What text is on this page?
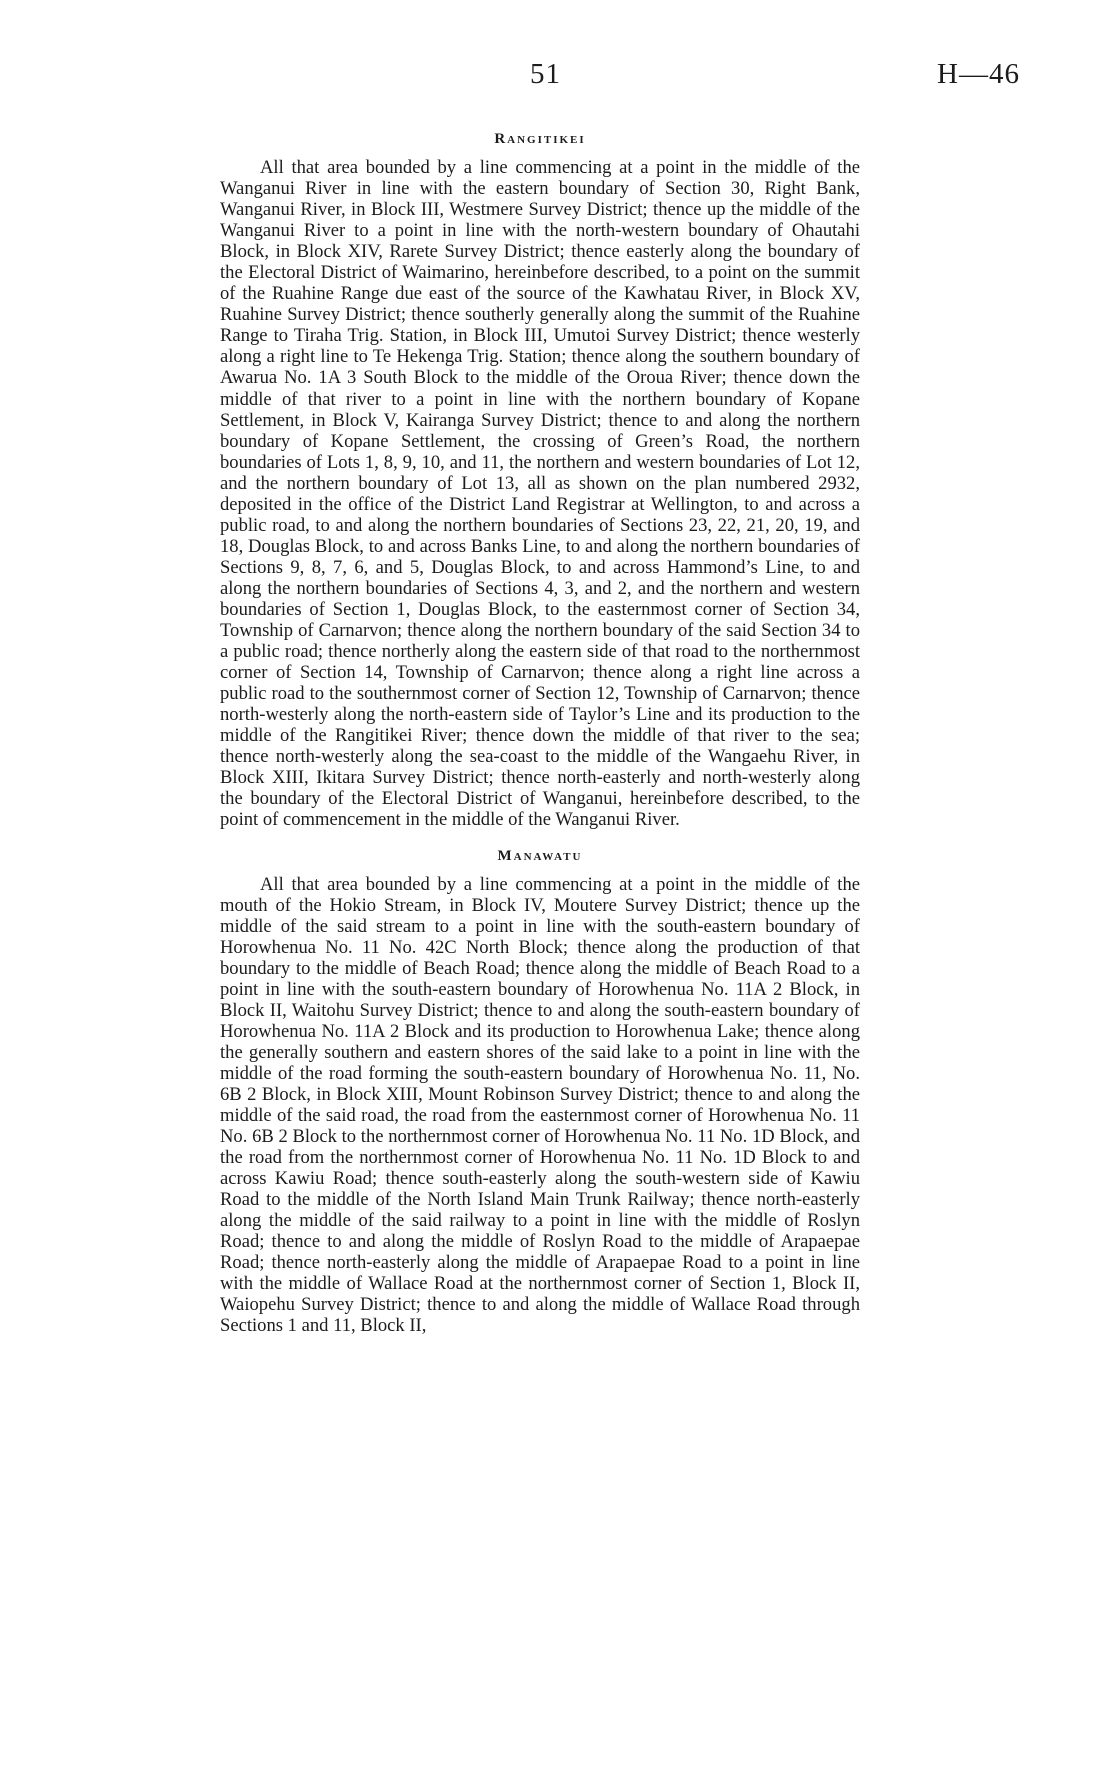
51	H—46
Rangitikei

All that area bounded by a line commencing at a point in the middle of the Wanganui River in line with the eastern boundary of Section 30, Right Bank, Wanganui River, in Block III, Westmere Survey District; thence up the middle of the Wanganui River to a point in line with the north-western boundary of Ohautahi Block, in Block XIV, Rarete Survey District; thence easterly along the boundary of the Electoral District of Waimarino, hereinbefore described, to a point on the summit of the Ruahine Range due east of the source of the Kawhatau River, in Block XV, Ruahine Survey District; thence southerly generally along the summit of the Ruahine Range to Tiraha Trig. Station, in Block III, Umutoi Survey District; thence westerly along a right line to Te Hekenga Trig. Station; thence along the southern boundary of Awarua No. 1A 3 South Block to the middle of the Oroua River; thence down the middle of that river to a point in line with the northern boundary of Kopane Settlement, in Block V, Kairanga Survey District; thence to and along the northern boundary of Kopane Settlement, the crossing of Green’s Road, the northern boundaries of Lots 1, 8, 9, 10, and 11, the northern and western boundaries of Lot 12, and the northern boundary of Lot 13, all as shown on the plan numbered 2932, deposited in the office of the District Land Registrar at Wellington, to and across a public road, to and along the northern boundaries of Sections 23, 22, 21, 20, 19, and 18, Douglas Block, to and across Banks Line, to and along the northern boundaries of Sections 9, 8, 7, 6, and 5, Douglas Block, to and across Hammond’s Line, to and along the northern boundaries of Sections 4, 3, and 2, and the northern and western boundaries of Section 1, Douglas Block, to the easternmost corner of Section 34, Township of Carnarvon; thence along the northern boundary of the said Section 34 to a public road; thence northerly along the eastern side of that road to the northernmost corner of Section 14, Township of Carnarvon; thence along a right line across a public road to the southernmost corner of Section 12, Township of Carnarvon; thence north-westerly along the north-eastern side of Taylor’s Line and its production to the middle of the Rangitikei River; thence down the middle of that river to the sea; thence north-westerly along the sea-coast to the middle of the Wangaehu River, in Block XIII, Ikitara Survey District; thence north-easterly and north-westerly along the boundary of the Electoral District of Wanganui, hereinbefore described, to the point of commencement in the middle of the Wanganui River.

Manawatu

All that area bounded by a line commencing at a point in the middle of the mouth of the Hokio Stream, in Block IV, Moutere Survey District; thence up the middle of the said stream to a point in line with the south-eastern boundary of Horowhenua No. 11 No. 42C North Block; thence along the production of that boundary to the middle of Beach Road; thence along the middle of Beach Road to a point in line with the south-eastern boundary of Horowhenua No. 11A 2 Block, in Block II, Waitohu Survey District; thence to and along the south-eastern boundary of Horowhenua No. 11A 2 Block and its production to Horowhenua Lake; thence along the generally southern and eastern shores of the said lake to a point in line with the middle of the road forming the south-eastern boundary of Horowhenua No. 11, No. 6B 2 Block, in Block XIII, Mount Robinson Survey District; thence to and along the middle of the said road, the road from the easternmost corner of Horowhenua No. 11 No. 6B 2 Block to the northernmost corner of Horowhenua No. 11 No. 1D Block, and the road from the northernmost corner of Horowhenua No. 11 No. 1D Block to and across Kawiu Road; thence south-easterly along the south-western side of Kawiu Road to the middle of the North Island Main Trunk Railway; thence north-easterly along the middle of the said railway to a point in line with the middle of Roslyn Road; thence to and along the middle of Roslyn Road to the middle of Arapaepae Road; thence north-easterly along the middle of Arapaepae Road to a point in line with the middle of Wallace Road at the northernmost corner of Section 1, Block II, Waiopehu Survey District; thence to and along the middle of Wallace Road through Sections 1 and 11, Block II,
